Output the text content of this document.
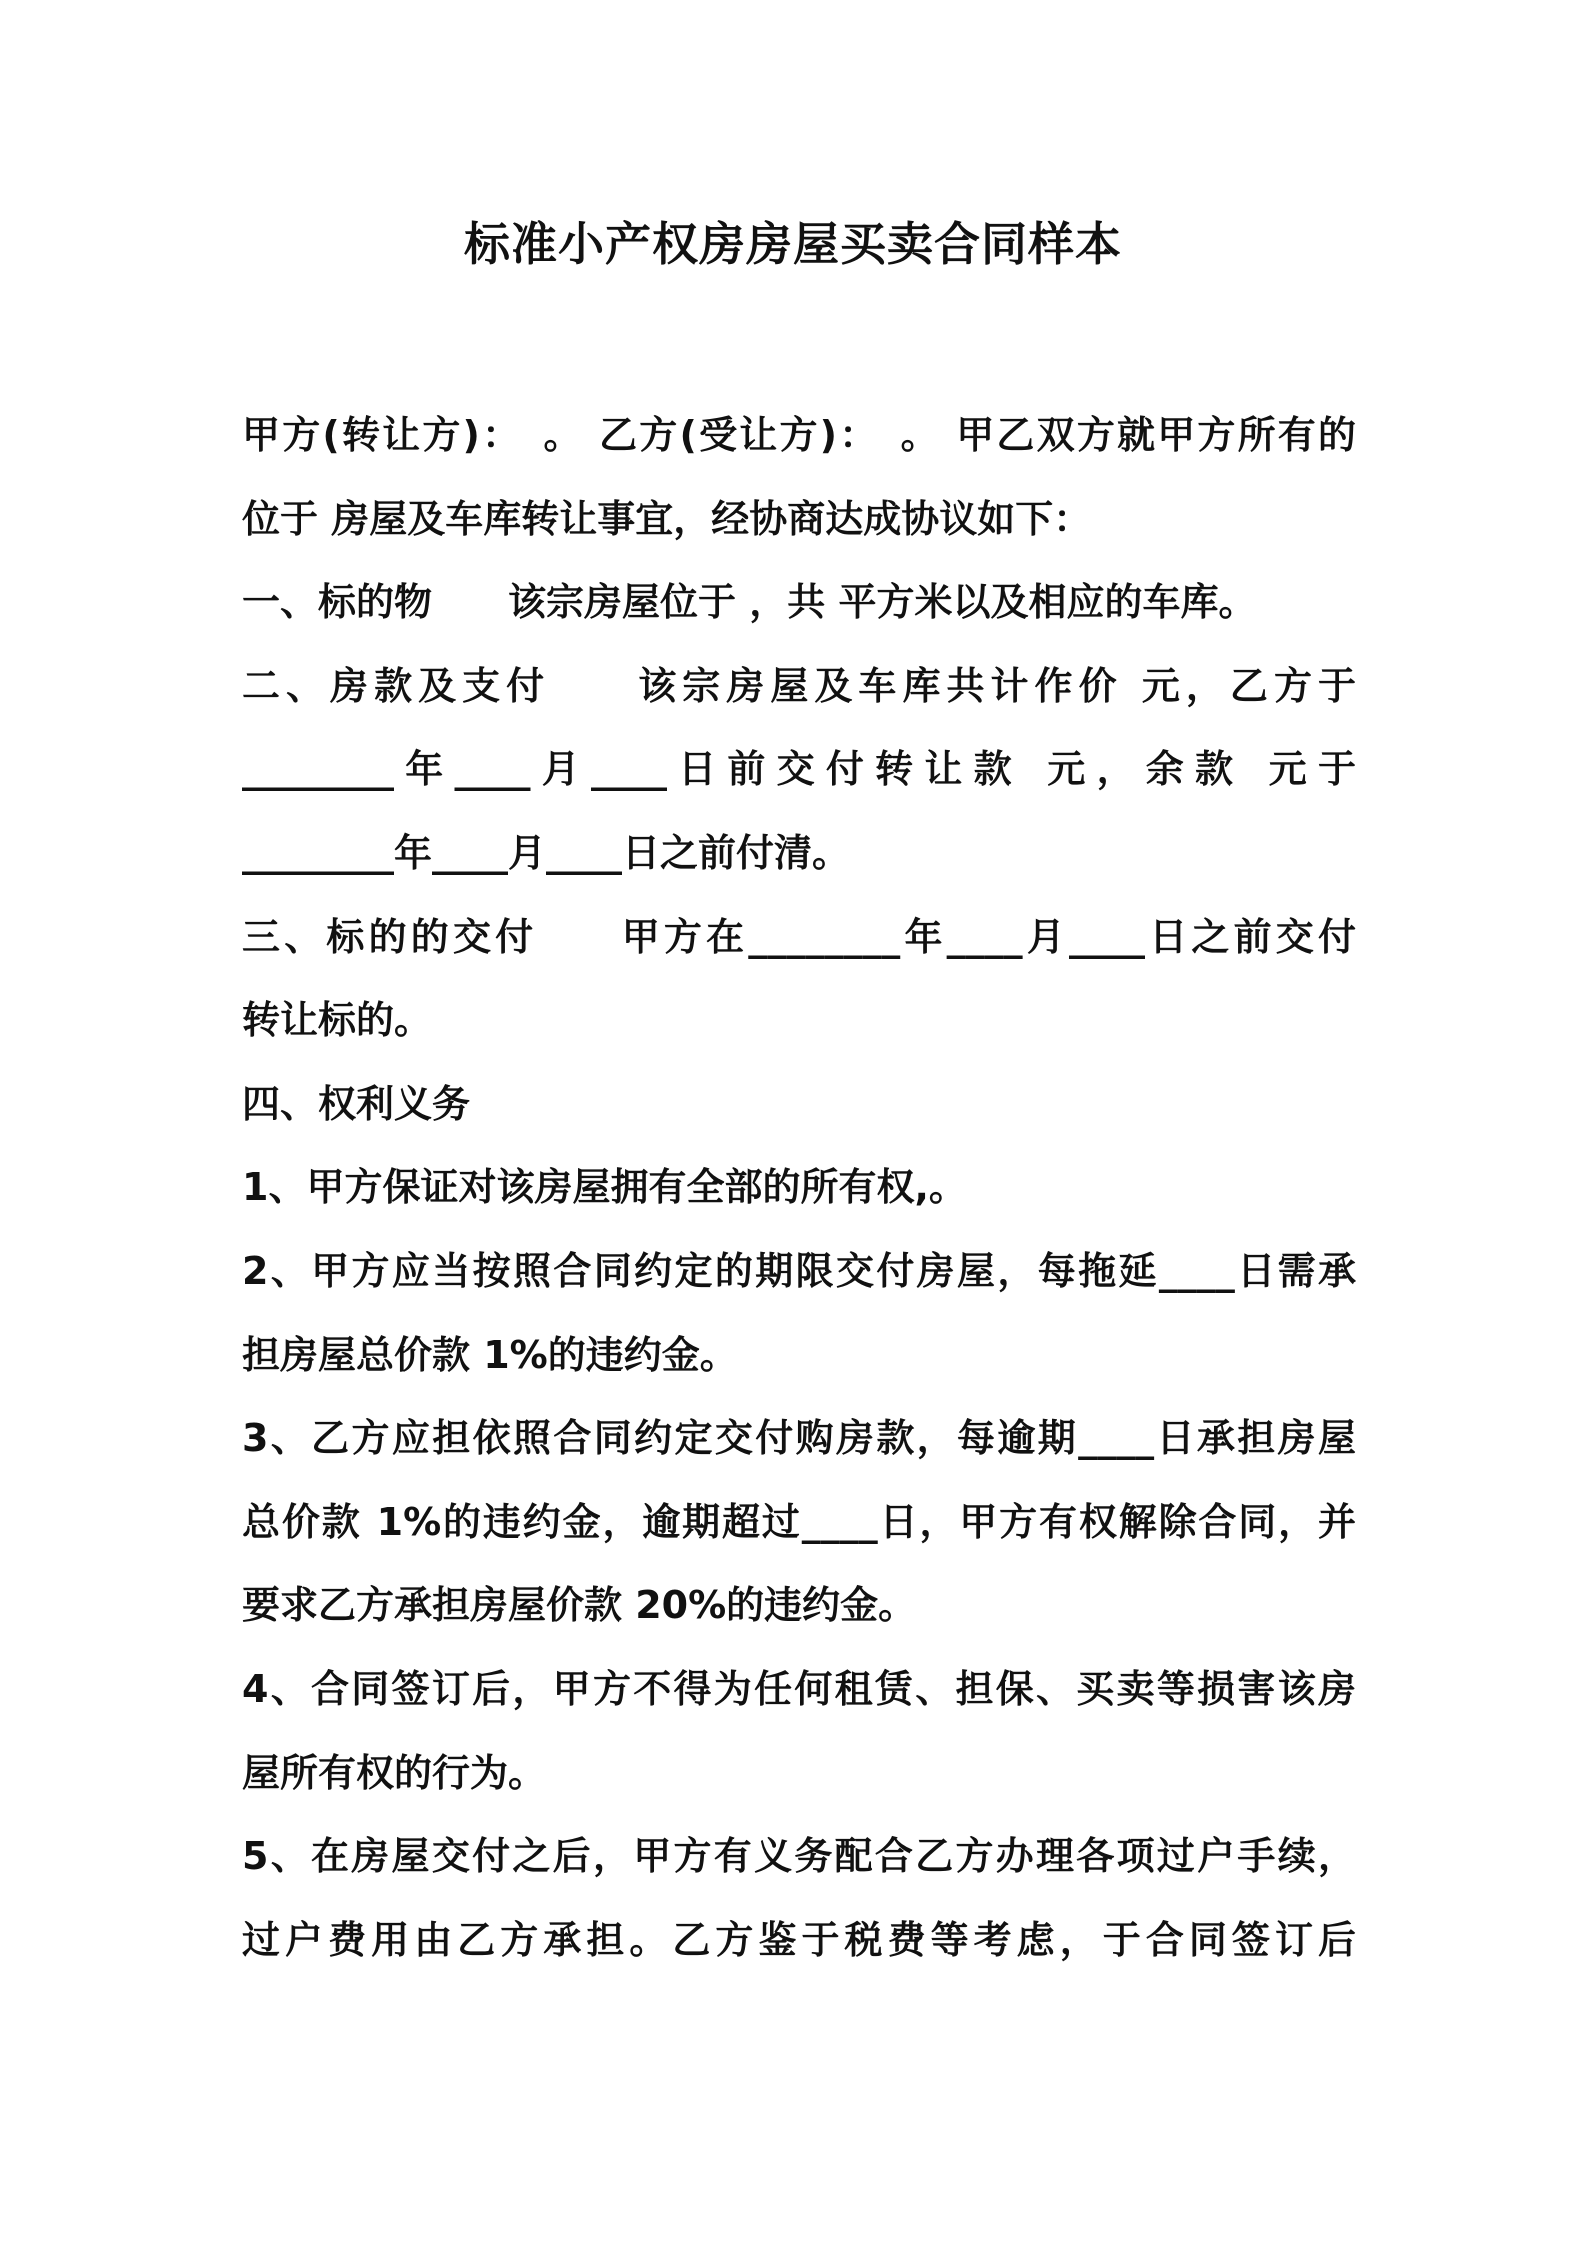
标准小产权房房屋买卖合同样本

甲方(转让方)：　。 乙方(受让方)：　。 甲乙双方就甲方所有的

位于 房屋及车库转让事宜，经协商达成协议如下：

一、标的物　　该宗房屋位于 ，共 平方米以及相应的车库。

二、房款及支付　　该宗房屋及车库共计作价 元，乙方于

________年____月____日前交付转让款 元，余款 元于

________年____月____日之前付清。

三、标的的交付　　甲方在________年____月____日之前交付

转让标的。

四、权利义务

1、甲方保证对该房屋拥有全部的所有权,。

2、甲方应当按照合同约定的期限交付房屋，每拖延____日需承

担房屋总价款 1%的违约金。

3、乙方应担依照合同约定交付购房款，每逾期____日承担房屋

总价款 1%的违约金，逾期超过____日，甲方有权解除合同，并

要求乙方承担房屋价款 20%的违约金。

4、合同签订后，甲方不得为任何租赁、担保、买卖等损害该房

屋所有权的行为。

5、在房屋交付之后，甲方有义务配合乙方办理各项过户手续，

过户费用由乙方承担。乙方鉴于税费等考虑，于合同签订后
